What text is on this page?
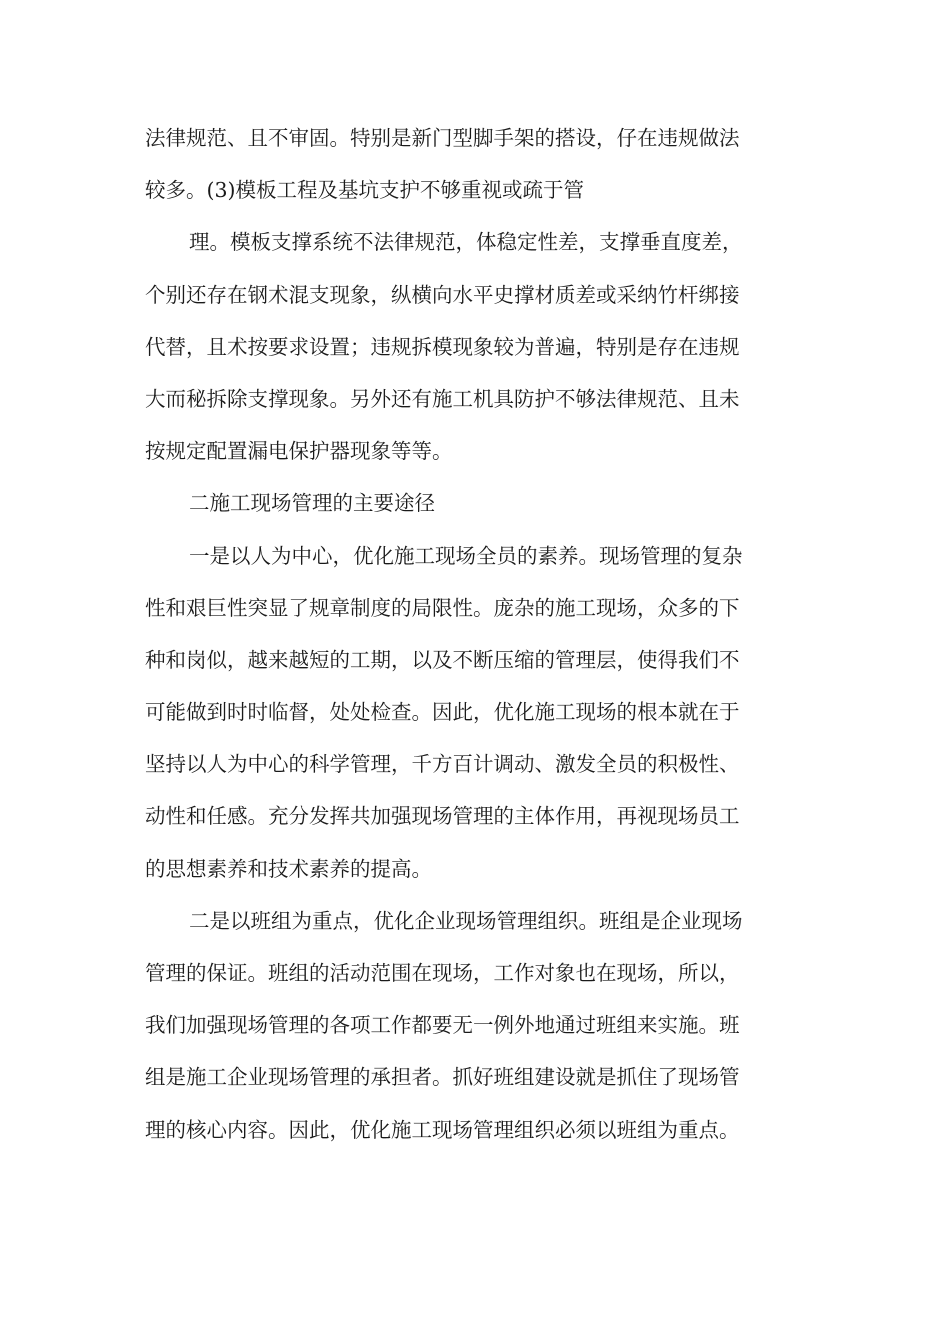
法律规范、且不审固。特别是新门型脚手架的搭设，仔在违规做法
较多。(3)模板工程及基坑支护不够重视或疏于管
理。模板支撑系统不法律规范，体稳定性差，支撑垂直度差，
个别还存在钢术混支现象，纵横向水平史撑材质差或采纳竹杆绑接
代替，且术按要求设置；违规拆模现象较为普遍，特别是存在违规
大而秘拆除支撑现象。另外还有施工机具防护不够法律规范、且未
按规定配置漏电保护器现象等等。
二施工现场管理的主要途径
一是以人为中心，优化施工现场全员的素养。现场管理的复杂
性和艰巨性突显了规章制度的局限性。庞杂的施工现场，众多的下
种和岗似，越来越短的工期，以及不断压缩的管理层，使得我们不
可能做到时时临督，处处检查。因此，优化施工现场的根本就在于
坚持以人为中心的科学管理，千方百计调动、激发全员的积极性、
动性和任感。充分发挥共加强现场管理的主体作用，再视现场员工
的思想素养和技术素养的提高。
二是以班组为重点，优化企业现场管理组织。班组是企业现场
管理的保证。班组的活动范围在现场，工作对象也在现场，所以，
我们加强现场管理的各项工作都要无一例外地通过班组来实施。班
组是施工企业现场管理的承担者。抓好班组建设就是抓住了现场管
理的核心内容。因此，优化施工现场管理组织必须以班组为重点。
